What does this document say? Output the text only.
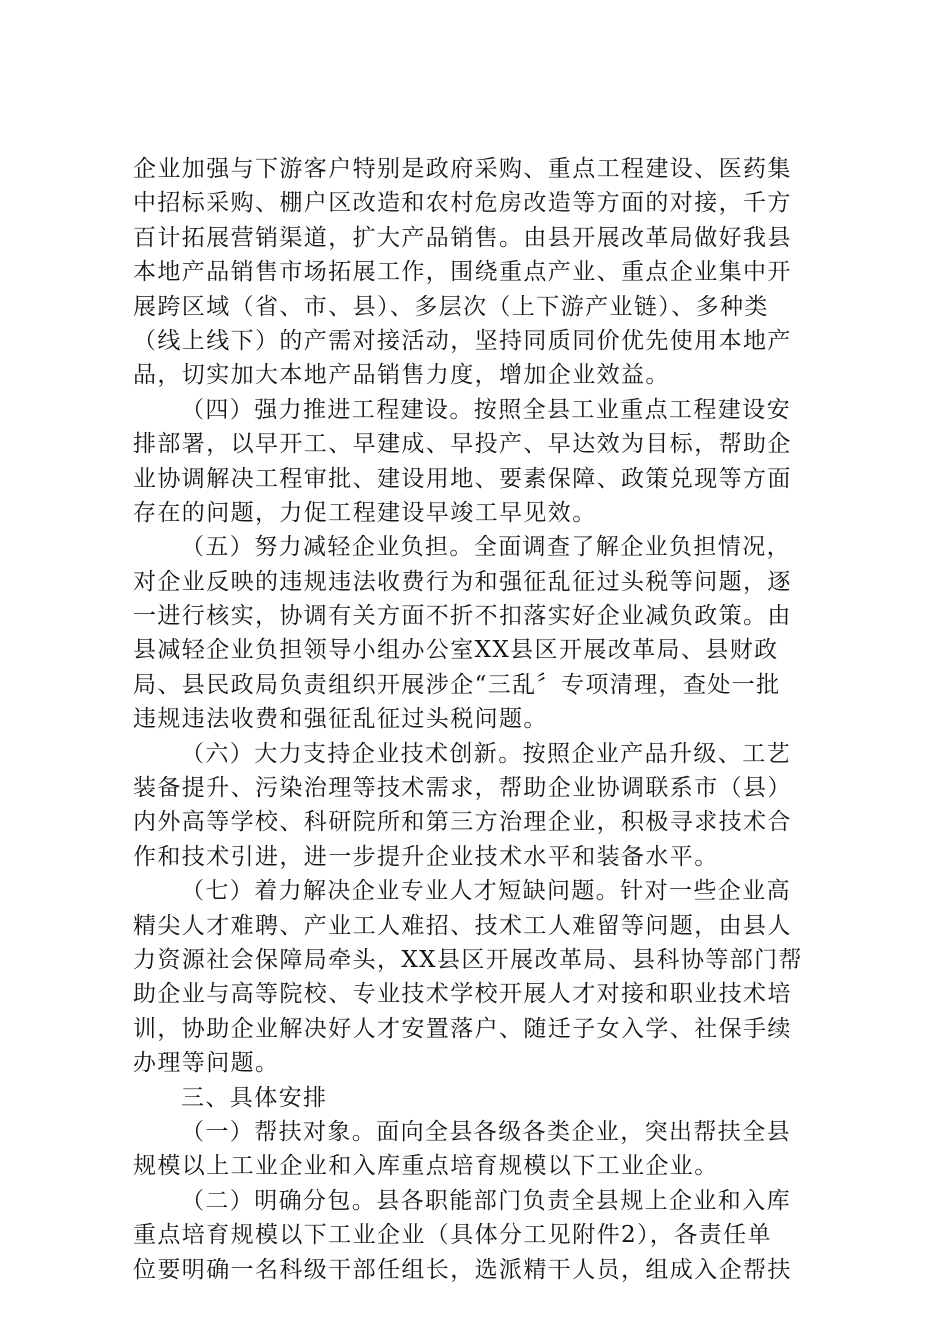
企业加强与下游客户特别是政府采购、重点工程建设、医药集
中招标采购、棚户区改造和农村危房改造等方面的对接，千方
百计拓展营销渠道，扩大产品销售。由县开展改革局做好我县
本地产品销售市场拓展工作，围绕重点产业、重点企业集中开
展跨区域（省、市、县）、多层次（上下游产业链）、多种类
（线上线下）的产需对接活动，坚持同质同价优先使用本地产
品，切实加大本地产品销售力度，增加企业效益。
（四）强力推进工程建设。按照全县工业重点工程建设安
排部署，以早开工、早建成、早投产、早达效为目标，帮助企
业协调解决工程审批、建设用地、要素保障、政策兑现等方面
存在的问题，力促工程建设早竣工早见效。
（五）努力减轻企业负担。全面调查了解企业负担情况，
对企业反映的违规违法收费行为和强征乱征过头税等问题，逐
一进行核实，协调有关方面不折不扣落实好企业减负政策。由
县减轻企业负担领导小组办公室XX县区开展改革局、县财政
局、县民政局负责组织开展涉企“三乱〞专项清理，查处一批
违规违法收费和强征乱征过头税问题。
（六）大力支持企业技术创新。按照企业产品升级、工艺
装备提升、污染治理等技术需求，帮助企业协调联系市（县）
内外高等学校、科研院所和第三方治理企业，积极寻求技术合
作和技术引进，进一步提升企业技术水平和装备水平。
（七）着力解决企业专业人才短缺问题。针对一些企业高
精尖人才难聘、产业工人难招、技术工人难留等问题，由县人
力资源社会保障局牵头，XX县区开展改革局、县科协等部门帮
助企业与高等院校、专业技术学校开展人才对接和职业技术培
训，协助企业解决好人才安置落户、随迁子女入学、社保手续
办理等问题。
三、具体安排
（一）帮扶对象。面向全县各级各类企业，突出帮扶全县
规模以上工业企业和入库重点培育规模以下工业企业。
（二）明确分包。县各职能部门负责全县规上企业和入库
重点培育规模以下工业企业（具体分工见附件2），各责任单
位要明确一名科级干部任组长，选派精干人员，组成入企帮扶
